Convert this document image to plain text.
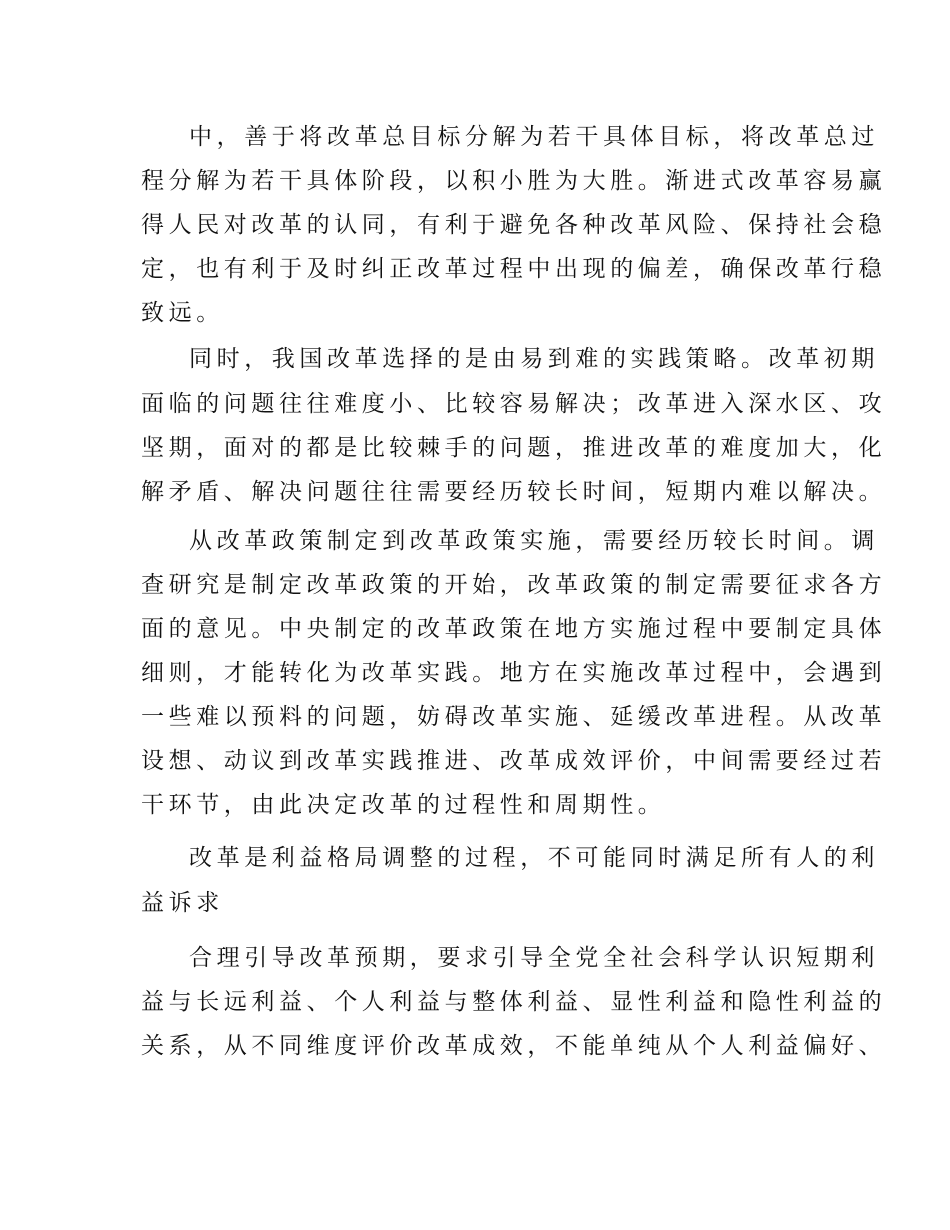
中，善于将改革总目标分解为若干具体目标，将改革总过
程分解为若干具体阶段，以积小胜为大胜。渐进式改革容易赢
得人民对改革的认同，有利于避免各种改革风险、保持社会稳
定，也有利于及时纠正改革过程中出现的偏差，确保改革行稳
致远。
同时，我国改革选择的是由易到难的实践策略。改革初期
面临的问题往往难度小、比较容易解决；改革进入深水区、攻
坚期，面对的都是比较棘手的问题，推进改革的难度加大，化
解矛盾、解决问题往往需要经历较长时间，短期内难以解决。
从改革政策制定到改革政策实施，需要经历较长时间。调
查研究是制定改革政策的开始，改革政策的制定需要征求各方
面的意见。中央制定的改革政策在地方实施过程中要制定具体
细则，才能转化为改革实践。地方在实施改革过程中，会遇到
一些难以预料的问题，妨碍改革实施、延缓改革进程。从改革
设想、动议到改革实践推进、改革成效评价，中间需要经过若
干环节，由此决定改革的过程性和周期性。
改革是利益格局调整的过程，不可能同时满足所有人的利
益诉求
合理引导改革预期，要求引导全党全社会科学认识短期利
益与长远利益、个人利益与整体利益、显性利益和隐性利益的
关系，从不同维度评价改革成效，不能单纯从个人利益偏好、
